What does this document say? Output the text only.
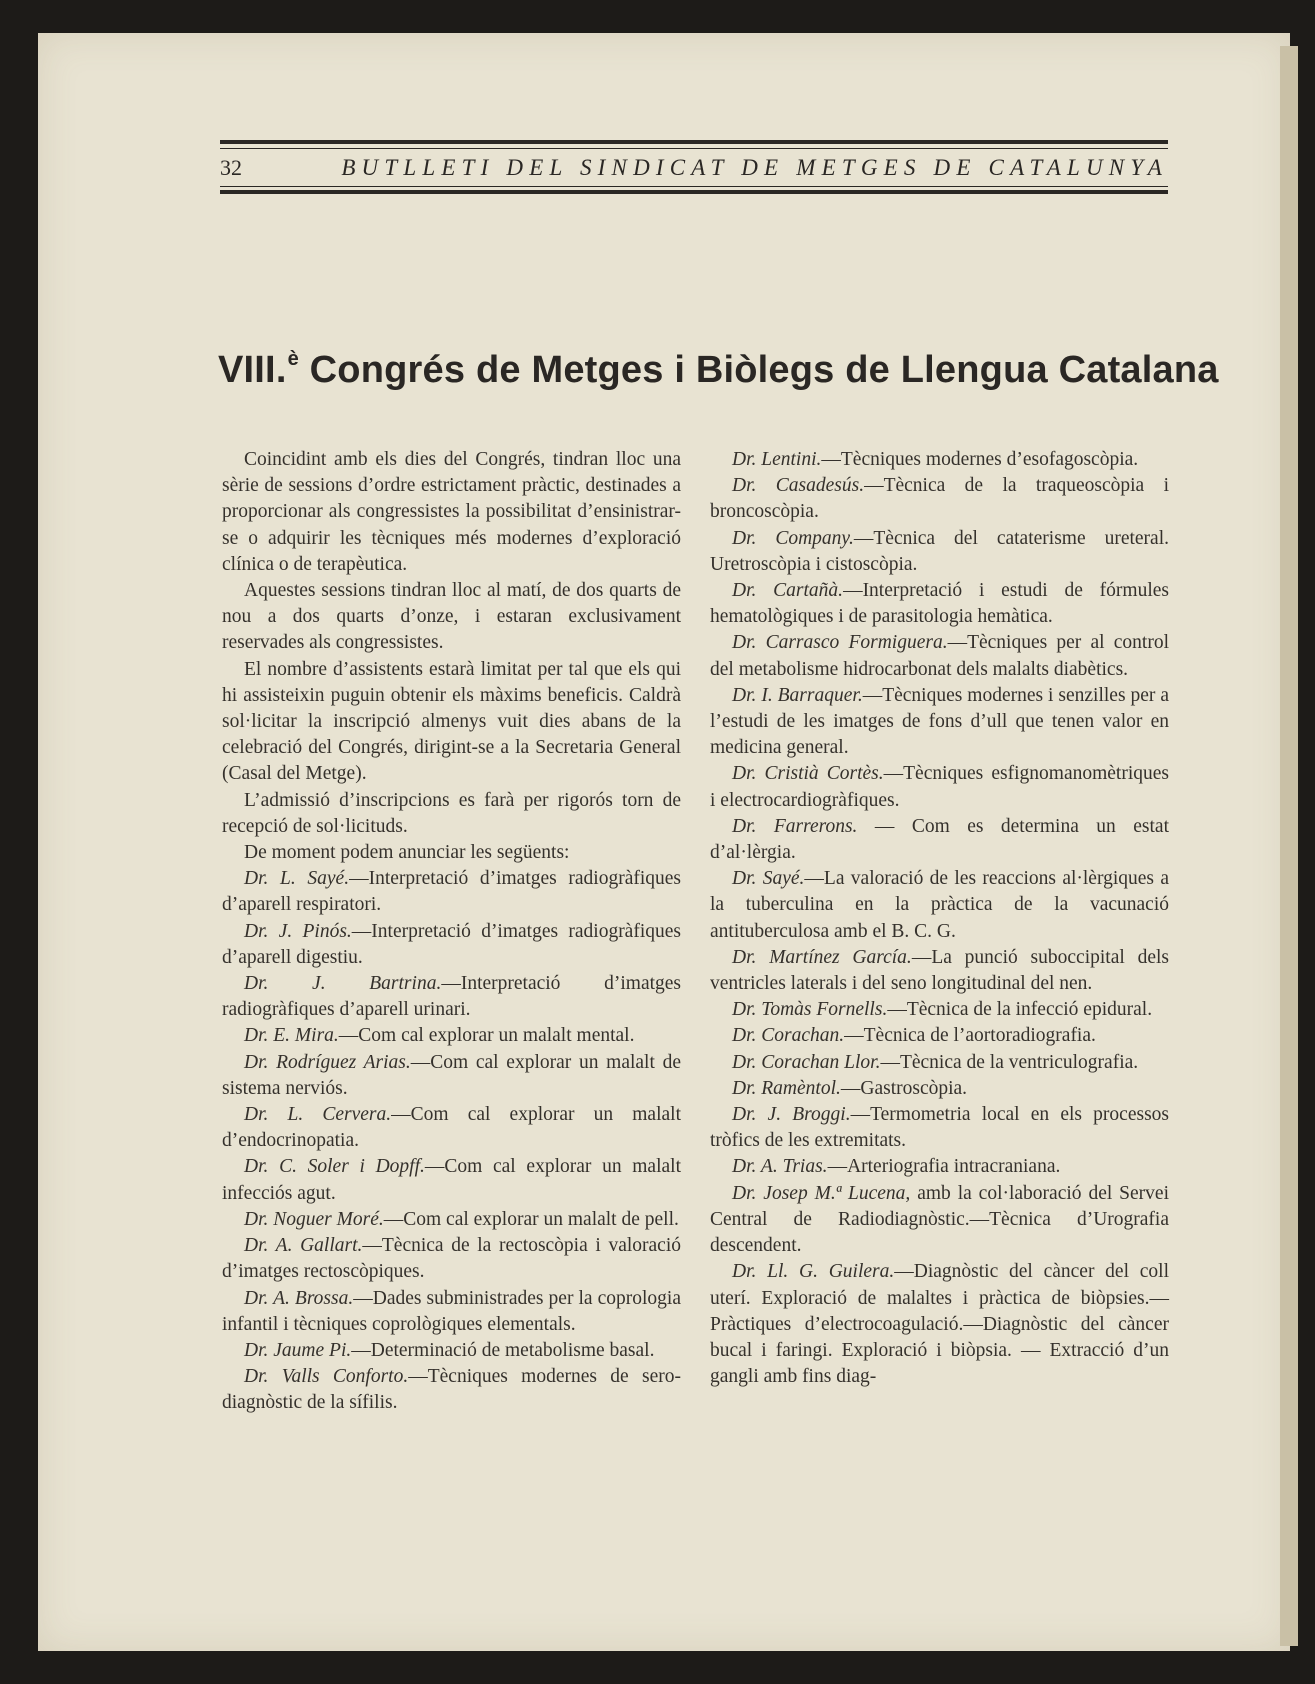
32	BUTLLETI DEL SINDICAT DE METGES DE CATALUNYA
VIII.$^è$ Congrés de Metges i Biòlegs de Llengua Catalana

Coincidint amb els dies del Congrés, tindran lloc una sèrie de sessions d’ordre estrictament pràctic, destinades a proporcionar als congressistes la possibilitat d’ensinistrar-se o adquirir les tècniques més modernes d’exploració clínica o de terapèutica.

Aquestes sessions tindran lloc al matí, de dos quarts de nou a dos quarts d’onze, i estaran exclusivament reservades als congressistes.

El nombre d’assistents estarà limitat per tal que els qui hi assisteixin puguin obtenir els màxims beneficis. Caldrà sol·licitar la inscripció almenys vuit dies abans de la celebració del Congrés, dirigint-se a la Secretaria General (Casal del Metge).

L’admissió d’inscripcions es farà per rigorós torn de recepció de sol·licituds.

De moment podem anunciar les següents:

Dr. L. Sayé.—Interpretació d’imatges radiogràfiques d’aparell respiratori.

Dr. J. Pinós.—Interpretació d’imatges radiogràfiques d’aparell digestiu.

Dr. J. Bartrina.—Interpretació d’imatges radiogràfiques d’aparell urinari.

Dr. E. Mira.—Com cal explorar un malalt mental.

Dr. Rodríguez Arias.—Com cal explorar un malalt de sistema nerviós.

Dr. L. Cervera.—Com cal explorar un malalt d’endocrinopatia.

Dr. C. Soler i Dopff.—Com cal explorar un malalt infecciós agut.

Dr. Noguer Moré.—Com cal explorar un malalt de pell.

Dr. A. Gallart.—Tècnica de la rectoscòpia i valoració d’imatges rectoscòpiques.

Dr. A. Brossa.—Dades subministrades per la coprologia infantil i tècniques coprològiques elementals.

Dr. Jaume Pi.—Determinació de metabolisme basal.

Dr. Valls Conforto.—Tècniques modernes de sero-diagnòstic de la sífilis.

Dr. Lentini.—Tècniques modernes d’esofagoscòpia.

Dr. Casadesús.—Tècnica de la traqueoscòpia i broncoscòpia.

Dr. Company.—Tècnica del cataterisme ureteral. Uretroscòpia i cistoscòpia.

Dr. Cartañà.—Interpretació i estudi de fórmules hematològiques i de parasitologia hemàtica.

Dr. Carrasco Formiguera.—Tècniques per al control del metabolisme hidrocarbonat dels malalts diabètics.

Dr. I. Barraquer.—Tècniques modernes i senzilles per a l’estudi de les imatges de fons d’ull que tenen valor en medicina general.

Dr. Cristià Cortès.—Tècniques esfignomanomètriques i electrocardiogràfiques.

Dr. Farrerons. — Com es determina un estat d’al·lèrgia.

Dr. Sayé.—La valoració de les reaccions al·lèrgiques a la tuberculina en la pràctica de la vacunació antituberculosa amb el B. C. G.

Dr. Martínez García.—La punció suboccipital dels ventricles laterals i del seno longitudinal del nen.

Dr. Tomàs Fornells.—Tècnica de la infecció epidural.

Dr. Corachan.—Tècnica de l’aortoradiografia.

Dr. Corachan Llor.—Tècnica de la ventriculografia.

Dr. Ramèntol.—Gastroscòpia.

Dr. J. Broggi.—Termometria local en els processos tròfics de les extremitats.

Dr. A. Trias.—Arteriografia intracraniana.

Dr. Josep M.ª Lucena, amb la col·laboració del Servei Central de Radiodiagnòstic.—Tècnica d’Urografia descendent.

Dr. Ll. G. Guilera.—Diagnòstic del càncer del coll uterí. Exploració de malaltes i pràctica de biòpsies.—Pràctiques d’electrocoagulació.—Diagnòstic del càncer bucal i faringi. Exploració i biòpsia. — Extracció d’un gangli amb fins diag-
